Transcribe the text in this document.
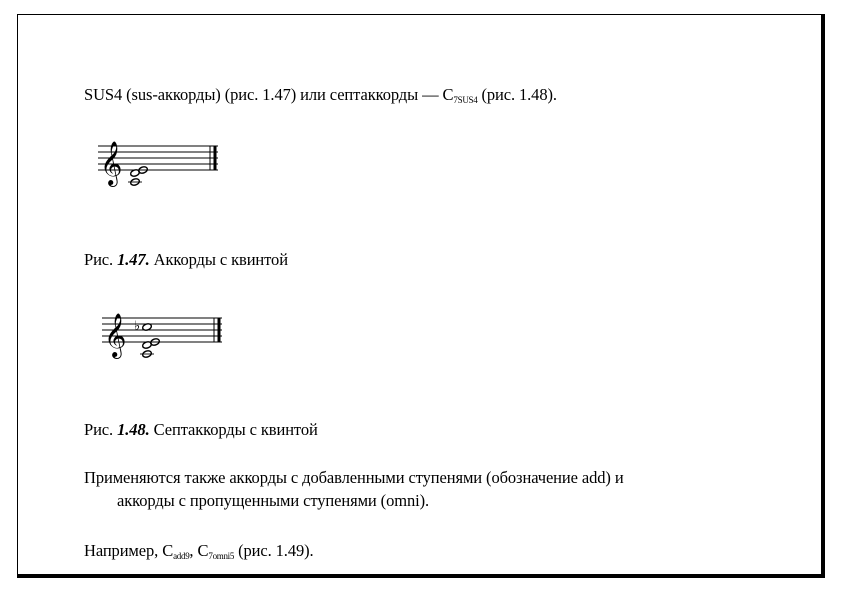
SUS4 (sus-аккорды) (рис. 1.47) или септаккорды — C7SUS4 (рис. 1.48).
𝄞
Рис. 1.47. Аккорды с квинтой
𝄞 ♭
Рис. 1.48. Септаккорды с квинтой
Применяются также аккорды с добавленными ступенями (обозначение add) и
аккорды с пропущенными ступенями (omni).
Например, Cadd9, C7omni5 (рис. 1.49).
